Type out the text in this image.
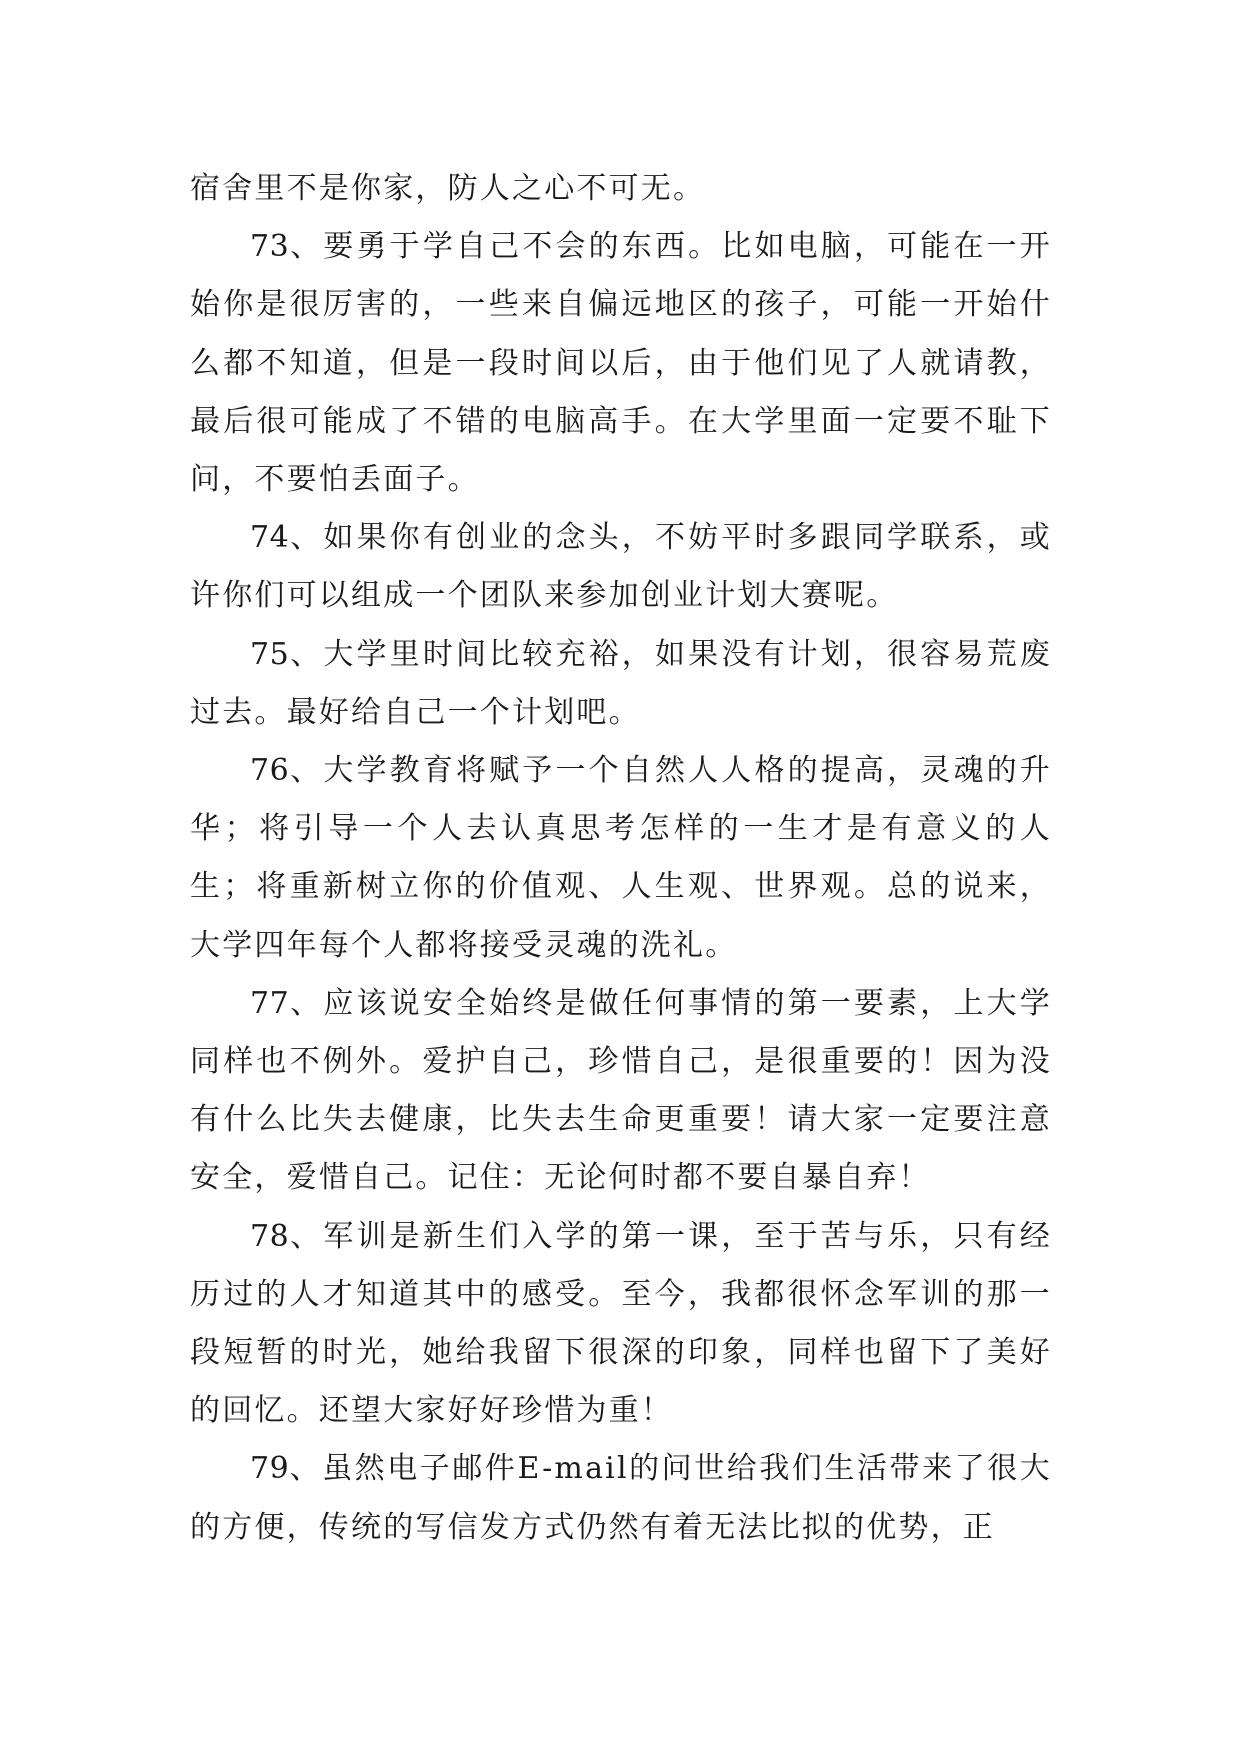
宿舍里不是你家，防人之心不可无。

73、要勇于学自己不会的东西。比如电脑，可能在一开始你是很厉害的，一些来自偏远地区的孩子，可能一开始什么都不知道，但是一段时间以后，由于他们见了人就请教，最后很可能成了不错的电脑高手。在大学里面一定要不耻下问，不要怕丢面子。

74、如果你有创业的念头，不妨平时多跟同学联系，或许你们可以组成一个团队来参加创业计划大赛呢。

75、大学里时间比较充裕，如果没有计划，很容易荒废过去。最好给自己一个计划吧。

76、大学教育将赋予一个自然人人格的提高，灵魂的升华；将引导一个人去认真思考怎样的一生才是有意义的人生；将重新树立你的价值观、人生观、世界观。总的说来，大学四年每个人都将接受灵魂的洗礼。

77、应该说安全始终是做任何事情的第一要素，上大学同样也不例外。爱护自己，珍惜自己，是很重要的！因为没有什么比失去健康，比失去生命更重要！请大家一定要注意安全，爱惜自己。记住：无论何时都不要自暴自弃！

78、军训是新生们入学的第一课，至于苦与乐，只有经历过的人才知道其中的感受。至今，我都很怀念军训的那一段短暂的时光，她给我留下很深的印象，同样也留下了美好的回忆。还望大家好好珍惜为重！

79、虽然电子邮件E-mail的问世给我们生活带来了很大的方便，传统的写信发方式仍然有着无法比拟的优势，正
